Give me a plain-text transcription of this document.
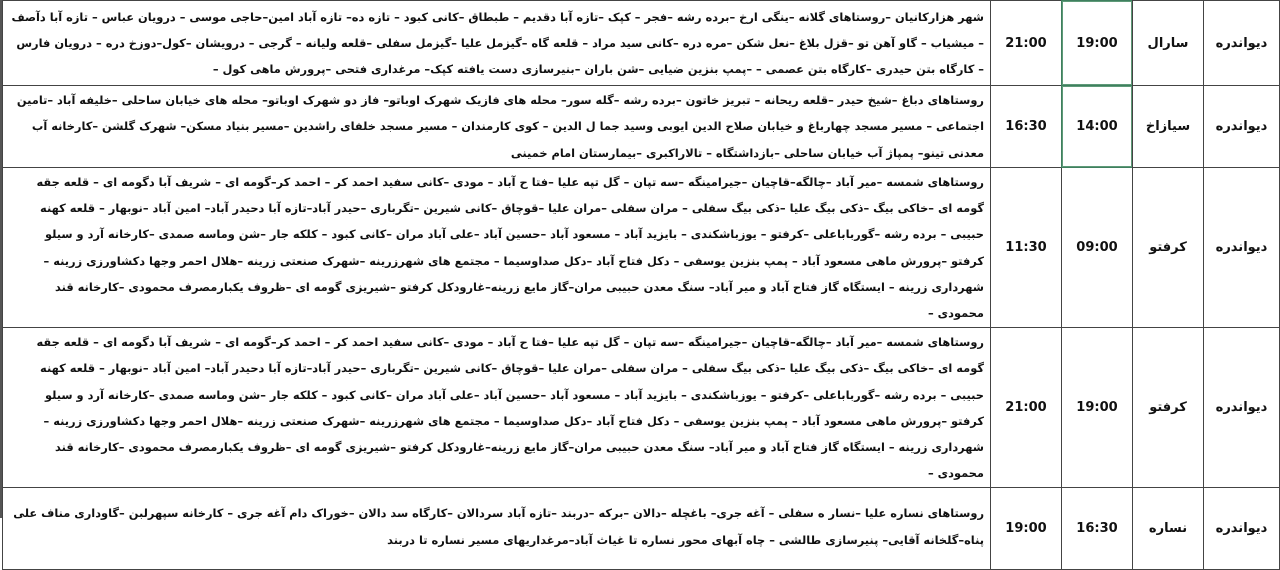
دیواندره	سارال	19:00	21:00	شهر هزارکانیان –روستاهای گلانه –ینگی ارخ –برده رشه –فجر – کپک –تازه آبا دقدیم – طبطاق –کانی کبود – تازه ده– تازه آباد امین–حاجی موسی – درویان عباس – تازه آبا دآصف – میشیاب – گاو آهن تو –قزل بلاغ –نعل شکن –مره دره –کانی سید مراد – قلعه گاه –گیزمل علیا –گیزمل سفلی –قلعه ولیانه – گرجی – درویشان –کول–دوزخ دره – درویان فارس – کارگاه بتن حیدری –کارگاه بتن عصمی – –پمپ بنزین ضیایی –شن باران –بنیرسازی دست یافته کپک– مرغداری فتحی –پرورش ماهی کول –
دیواندره	سیازاخ	14:00	16:30	روستاهای دباغ –شیخ حیدر –قلعه ریحانه – تبریز خاتون –برده رشه –گله سور– محله های فازیک شهرک اوباتو– فاز دو شهرک اوباتو– محله های خیابان ساحلی –خلیفه آباد –تامین اجتماعی – مسیر مسجد چهارباغ و خیابان صلاح الدین ایوبی وسید جما ل الدین – کوی کارمندان – مسیر مسجد خلفای راشدین –مسیر بنیاد مسکن– شهرک گلشن –کارخانه آب معدنی تینو– پمپاژ آب خیابان ساحلی –بازداشتگاه – تالاراکبری –بیمارستان امام خمینی
دیواندره	کرفتو	09:00	11:30	روستاهای شمسه –میر آباد –چالگه–قاچیان –جیرامینگه –سه تپان – گل تپه علیا –فتا ح آباد – مودی –کانی سفید احمد کر – احمد کر–گومه ای – شریف آبا دگومه ای – قلعه جقه گومه ای –خاکی بیگ –ذکی بیگ علیا –ذکی بیگ سفلی – مران سفلی –مران علیا –قوچاق –کانی شیرین –تگرباری –حیدر آباد–تازه آبا دحیدر آباد– امین آباد –نوبهار – قلعه کهنه حبیبی – برده رشه –گوربابا‌علی –کرفتو – یوزباشکندی – بایزید آباد – مسعود آباد –حسین آباد –علی آباد مران –کانی کبود – کلکه جار –شن وماسه صمدی –کارخانه آرد و سیلو کرفتو –پرورش ماهی مسعود آباد – پمپ بنزین یوسفی – دکل فتاح آباد –دکل صداوسیما – مجتمع های شهرزرینه –شهرک صنعتی زرینه –هلال احمر وجها دکشاورزی زرینه –شهرداری زرینه – ایستگاه گاز فتاح آباد و میر آباد– سنگ معدن حبیبی مران–گاز مایع زرینه–غارودکل کرفتو –شیریزی گومه ای –ظروف یکبارمصرف محمودی –کارخانه قند محمودی –
دیواندره	کرفتو	19:00	21:00	روستاهای شمسه –میر آباد –چالگه–قاچیان –جیرامینگه –سه تپان – گل تپه علیا –فتا ح آباد – مودی –کانی سفید احمد کر – احمد کر–گومه ای – شریف آبا دگومه ای – قلعه جقه گومه ای –خاکی بیگ –ذکی بیگ علیا –ذکی بیگ سفلی – مران سفلی –مران علیا –قوچاق –کانی شیرین –تگرباری –حیدر آباد–تازه آبا دحیدر آباد– امین آباد –نوبهار – قلعه کهنه حبیبی – برده رشه –گوربابا‌علی –کرفتو – یوزباشکندی – بایزید آباد – مسعود آباد –حسین آباد –علی آباد مران –کانی کبود – کلکه جار –شن وماسه صمدی –کارخانه آرد و سیلو کرفتو –پرورش ماهی مسعود آباد – پمپ بنزین یوسفی – دکل فتاح آباد –دکل صداوسیما – مجتمع های شهرزرینه –شهرک صنعتی زرینه –هلال احمر وجها دکشاورزی زرینه –شهرداری زرینه – ایستگاه گاز فتاح آباد و میر آباد– سنگ معدن حبیبی مران–گاز مایع زرینه–غارودکل کرفتو –شیریزی گومه ای –ظروف یکبارمصرف محمودی –کارخانه قند محمودی –
دیواندره	نساره	16:30	19:00	روستاهای نساره علیا –نسار ه سفلی – آغه جری– باغچله –دالان –برکه –دربند –تازه آباد سردالان –کارگاه سد دالان –خوراک دام آغه جری – کارخانه سپهرلبن –گاوداری مناف علی پناه–گلخانه آقایی– پنیرسازی طالشی – چاه آبهای محور نساره تا غیاث آباد–مرغداریهای مسیر نساره تا دربند
